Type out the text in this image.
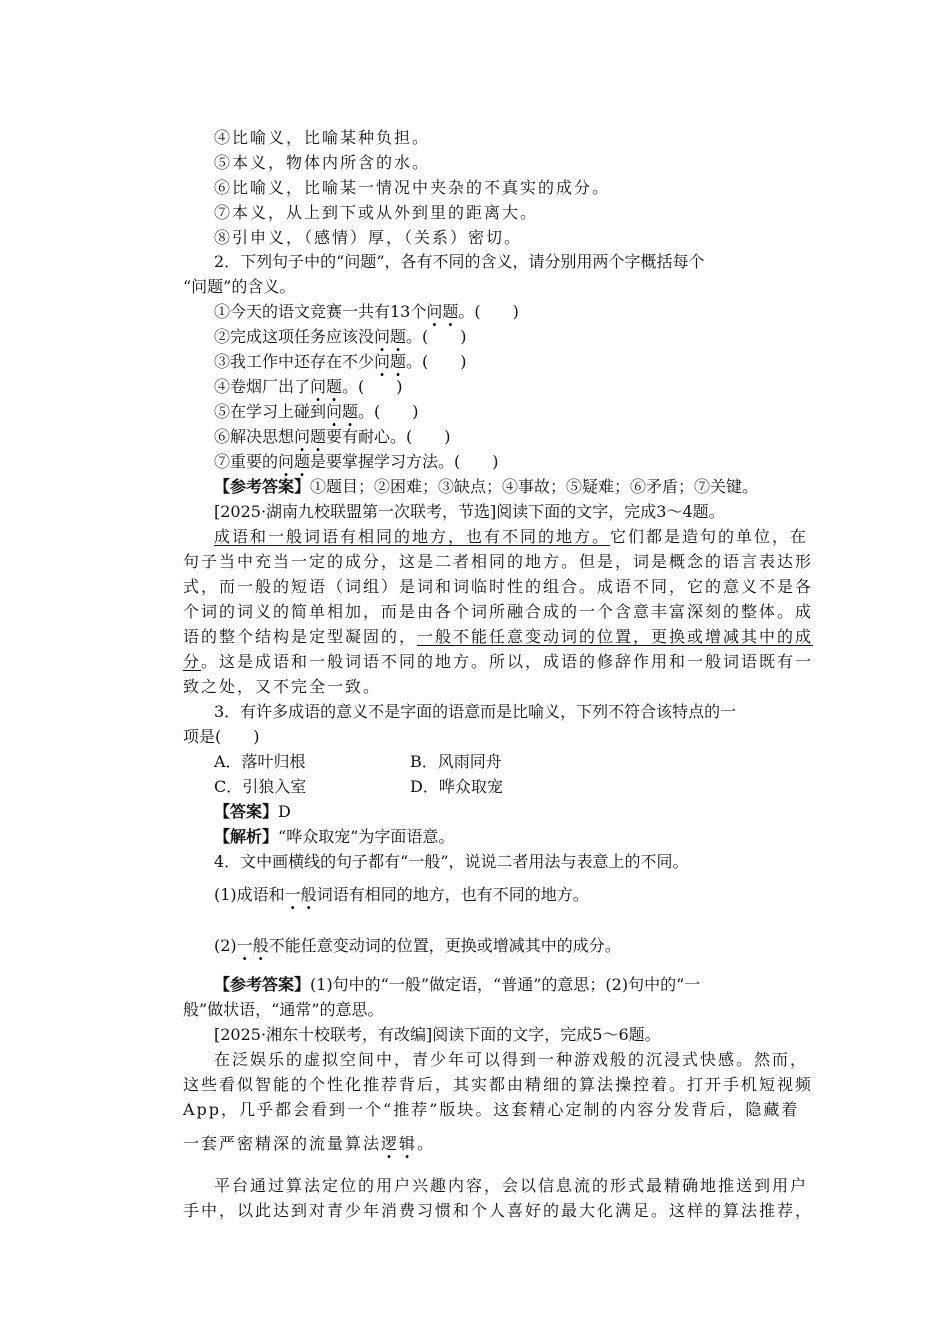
④比喻义，比喻某种负担。
⑤本义，物体内所含的水。
⑥比喻义，比喻某一情况中夹杂的不真实的成分。
⑦本义，从上到下或从外到里的距离大。
⑧引申义，（感情）厚，（关系）密切。
2．下列句子中的“问题”，各有不同的含义，请分别用两个字概括每个
“问题”的含义。
①今天的语文竞赛一共有13个问题。(　　)
②完成这项任务应该没问题。(　　)
③我工作中还存在不少问题。(　　)
④卷烟厂出了问题。(　　)
⑤在学习上碰到问题。(　　)
⑥解决思想问题要有耐心。(　　)
⑦重要的问题是要掌握学习方法。(　　)
【参考答案】①题目；②困难；③缺点；④事故；⑤疑难；⑥矛盾；⑦关键。
[2025·湖南九校联盟第一次联考，节选]阅读下面的文字，完成3～4题。
成语和一般词语有相同的地方，也有不同的地方。它们都是造句的单位，在
句子当中充当一定的成分，这是二者相同的地方。但是，词是概念的语言表达形
式，而一般的短语（词组）是词和词临时性的组合。成语不同，它的意义不是各
个词的词义的简单相加，而是由各个词所融合成的一个含意丰富深刻的整体。成
语的整个结构是定型凝固的，一般不能任意变动词的位置，更换或增减其中的成
分。这是成语和一般词语不同的地方。所以，成语的修辞作用和一般词语既有一
致之处，又不完全一致。
3．有许多成语的意义不是字面的语意而是比喻义，下列不符合该特点的一
项是(　　)
A．落叶归根	B．风雨同舟
C．引狼入室	D．哗众取宠
【答案】D
【解析】“哗众取宠”为字面语意。
4．文中画横线的句子都有“一般”，说说二者用法与表意上的不同。
(1)成语和一般词语有相同的地方，也有不同的地方。
(2)一般不能任意变动词的位置，更换或增减其中的成分。
【参考答案】(1)句中的“一般”做定语，“普通”的意思；(2)句中的“一
般”做状语，“通常”的意思。
[2025·湘东十校联考，有改编]阅读下面的文字，完成5～6题。
在泛娱乐的虚拟空间中，青少年可以得到一种游戏般的沉浸式快感。然而，
这些看似智能的个性化推荐背后，其实都由精细的算法操控着。打开手机短视频
App，几乎都会看到一个“推荐”版块。这套精心定制的内容分发背后，隐藏着
一套严密精深的流量算法逻辑。
平台通过算法定位的用户兴趣内容，会以信息流的形式最精确地推送到用户
手中，以此达到对青少年消费习惯和个人喜好的最大化满足。这样的算法推荐，
